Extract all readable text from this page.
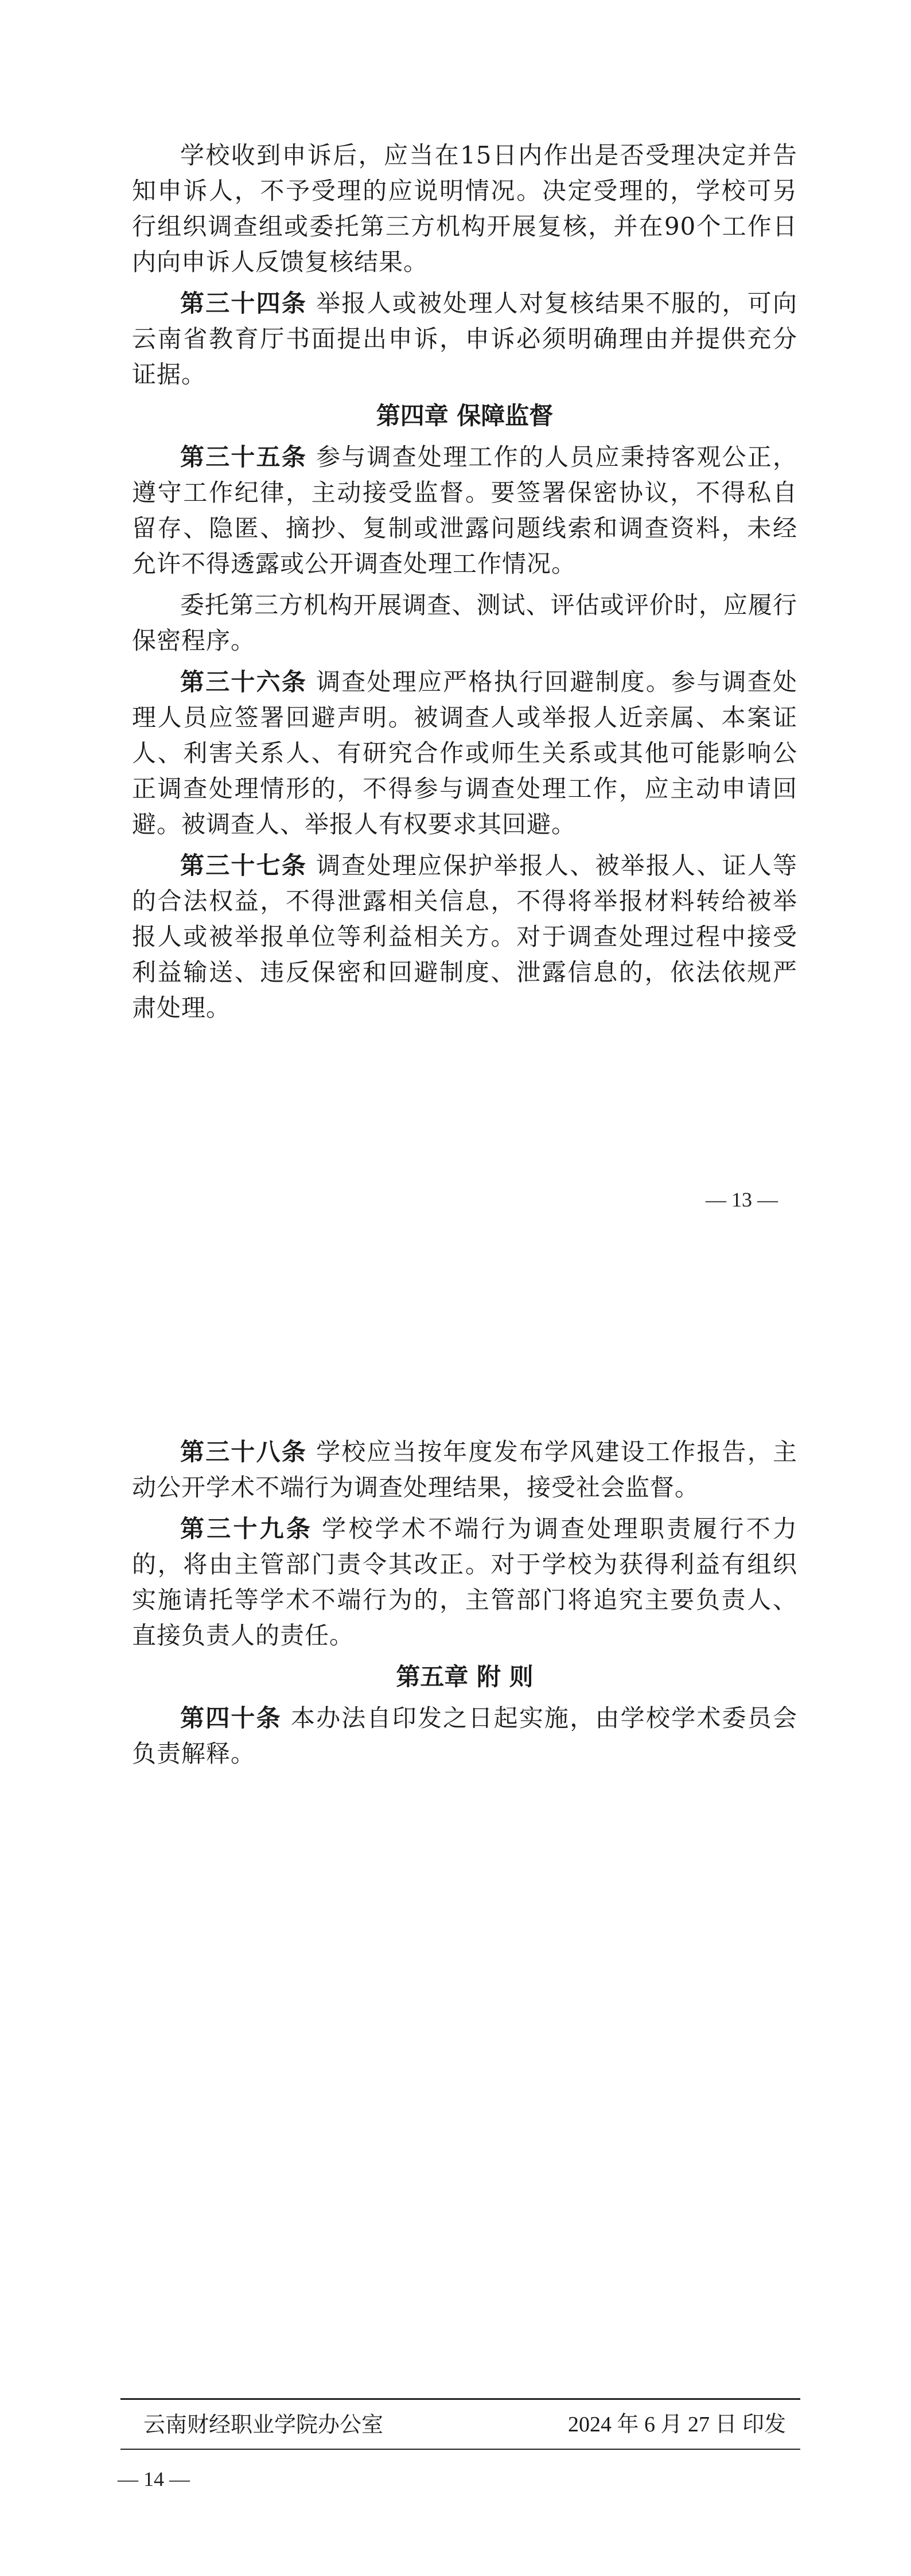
学校收到申诉后，应当在15日内作出是否受理决定并告知申诉人，不予受理的应说明情况。决定受理的，学校可另行组织调查组或委托第三方机构开展复核，并在90个工作日内向申诉人反馈复核结果。

第三十四条 举报人或被处理人对复核结果不服的，可向云南省教育厅书面提出申诉，申诉必须明确理由并提供充分证据。

第四章 保障监督

第三十五条 参与调查处理工作的人员应秉持客观公正，遵守工作纪律，主动接受监督。要签署保密协议，不得私自留存、隐匿、摘抄、复制或泄露问题线索和调查资料，未经允许不得透露或公开调查处理工作情况。

委托第三方机构开展调查、测试、评估或评价时，应履行保密程序。

第三十六条 调查处理应严格执行回避制度。参与调查处理人员应签署回避声明。被调查人或举报人近亲属、本案证人、利害关系人、有研究合作或师生关系或其他可能影响公正调查处理情形的，不得参与调查处理工作，应主动申请回避。被调查人、举报人有权要求其回避。

第三十七条 调查处理应保护举报人、被举报人、证人等的合法权益，不得泄露相关信息，不得将举报材料转给被举报人或被举报单位等利益相关方。对于调查处理过程中接受利益输送、违反保密和回避制度、泄露信息的，依法依规严肃处理。

— 13 —

第三十八条 学校应当按年度发布学风建设工作报告，主动公开学术不端行为调查处理结果，接受社会监督。

第三十九条 学校学术不端行为调查处理职责履行不力的，将由主管部门责令其改正。对于学校为获得利益有组织实施请托等学术不端行为的，主管部门将追究主要负责人、直接负责人的责任。

第五章 附 则

第四十条 本办法自印发之日起实施，由学校学术委员会负责解释。

云南财经职业学院办公室	2024 年 6 月 27 日 印发
— 14 —
